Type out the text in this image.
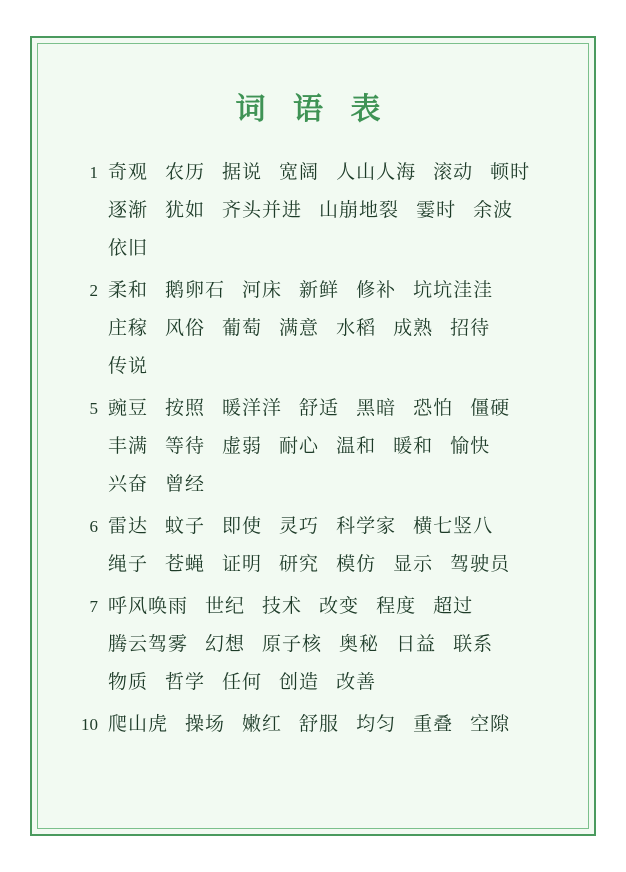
词 语 表
1 奇观 农历 据说 宽阔 人山人海 滚动 顿时
逐渐 犹如 齐头并进 山崩地裂 霎时 余波
依旧
2 柔和 鹅卵石 河床 新鲜 修补 坑坑洼洼
庄稼 风俗 葡萄 满意 水稻 成熟 招待
传说
5 豌豆 按照 暖洋洋 舒适 黑暗 恐怕 僵硬
丰满 等待 虚弱 耐心 温和 暖和 愉快
兴奋 曾经
6 雷达 蚊子 即使 灵巧 科学家 横七竖八
绳子 苍蝇 证明 研究 模仿 显示 驾驶员
7 呼风唤雨 世纪 技术 改变 程度 超过
腾云驾雾 幻想 原子核 奥秘 日益 联系
物质 哲学 任何 创造 改善
10 爬山虎 操场 嫩红 舒服 均匀 重叠 空隙
